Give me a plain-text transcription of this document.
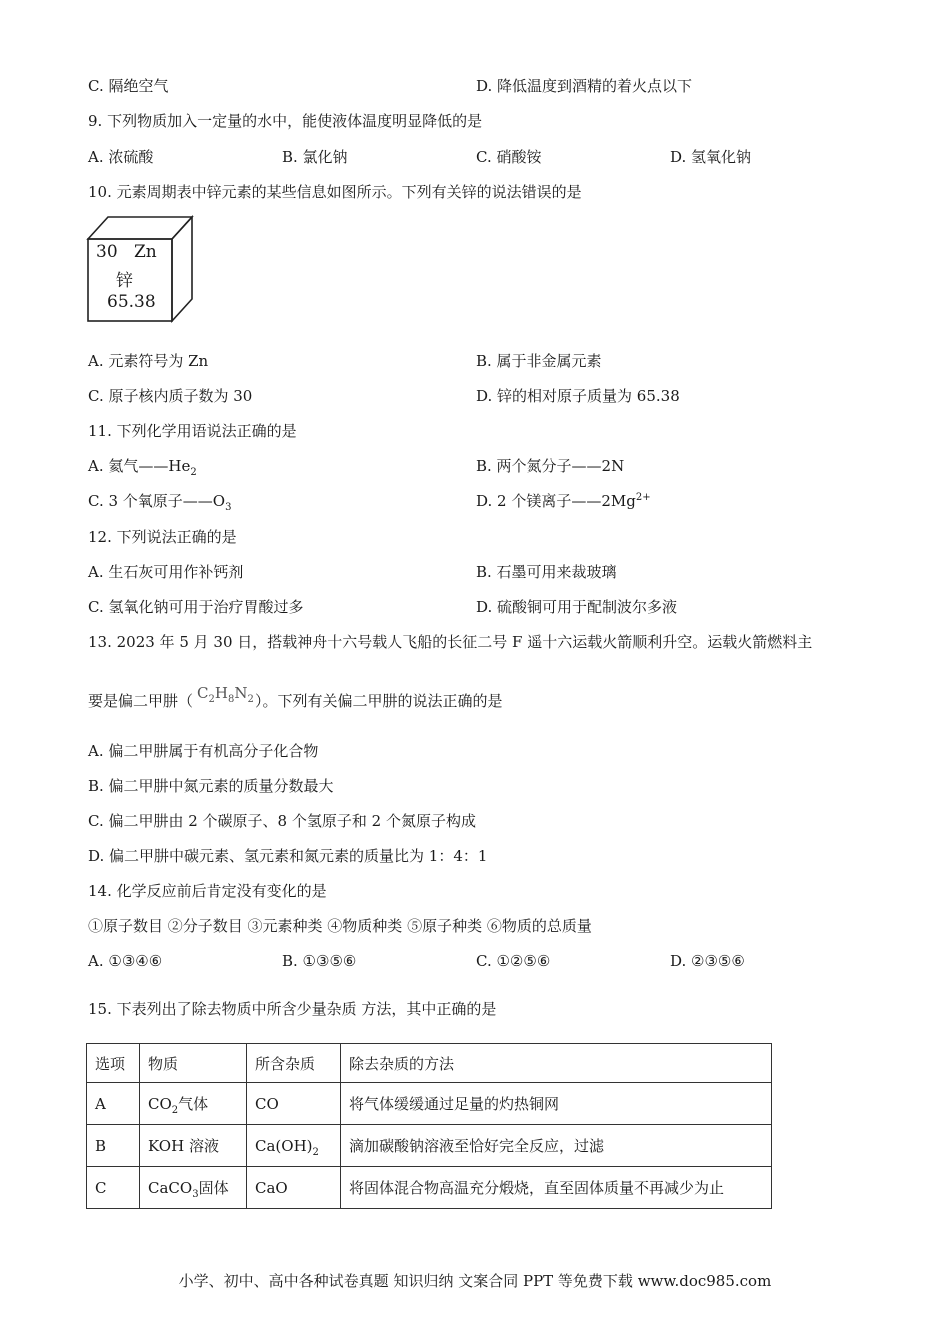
C. 隔绝空气	D. 降低温度到酒精的着火点以下
9. 下列物质加入一定量的水中，能使液体温度明显降低的是
A. 浓硫酸	B. 氯化钠	C. 硝酸铵	D. 氢氧化钠
10. 元素周期表中锌元素的某些信息如图所示。下列有关锌的说法错误的是
30 Zn
锌
65.38
A. 元素符号为 Zn	B. 属于非金属元素
C. 原子核内质子数为 30	D. 锌的相对原子质量为 65.38
11. 下列化学用语说法正确的是
A. 氦气$——He_2$	B. 两个氮分子——2N
C. 3 个氧原子$——O_3$	D. 2 个镁离子$——2Mg^{2+}$
12. 下列说法正确的是
A. 生石灰可用作补钙剂	B. 石墨可用来裁玻璃
C. 氢氧化钠可用于治疗胃酸过多	D. 硫酸铜可用于配制波尔多液
13. 2023 年 5 月 30 日，搭载神舟十六号载人飞船的长征二号 F 遥十六运载火箭顺利升空。运载火箭燃料主
要是偏二甲肼（ $C_2H_8N_2$ ）。下列有关偏二甲肼的说法正确的是
A. 偏二甲肼属于有机高分子化合物
B. 偏二甲肼中氮元素的质量分数最大
C. 偏二甲肼由 2 个碳原子、8 个氢原子和 2 个氮原子构成
D. 偏二甲肼中碳元素、氢元素和氮元素的质量比为 1：4：1
14. 化学反应前后肯定没有变化的是
①原子数目 ②分子数目 ③元素种类 ④物质种类 ⑤原子种类 ⑥物质的总质量
A. ①③④⑥	B. ①③⑤⑥	C. ①②⑤⑥	D. ②③⑤⑥
15. 下表列出了除去物质中所含少量杂质 方法，其中正确的是
选项	物质	所含杂质	除去杂质的方法
A	$CO_2$气体	CO	将气体缓缓通过足量的灼热铜网
B	KOH 溶液	$Ca(OH)_2$	滴加碳酸钠溶液至恰好完全反应，过滤
C	CaCO$_3$固体	CaO	将固体混合物高温充分煅烧，直至固体质量不再减少为止
小学、初中、高中各种试卷真题 知识归纳 文案合同 PPT 等免费下载 www.doc985.com
